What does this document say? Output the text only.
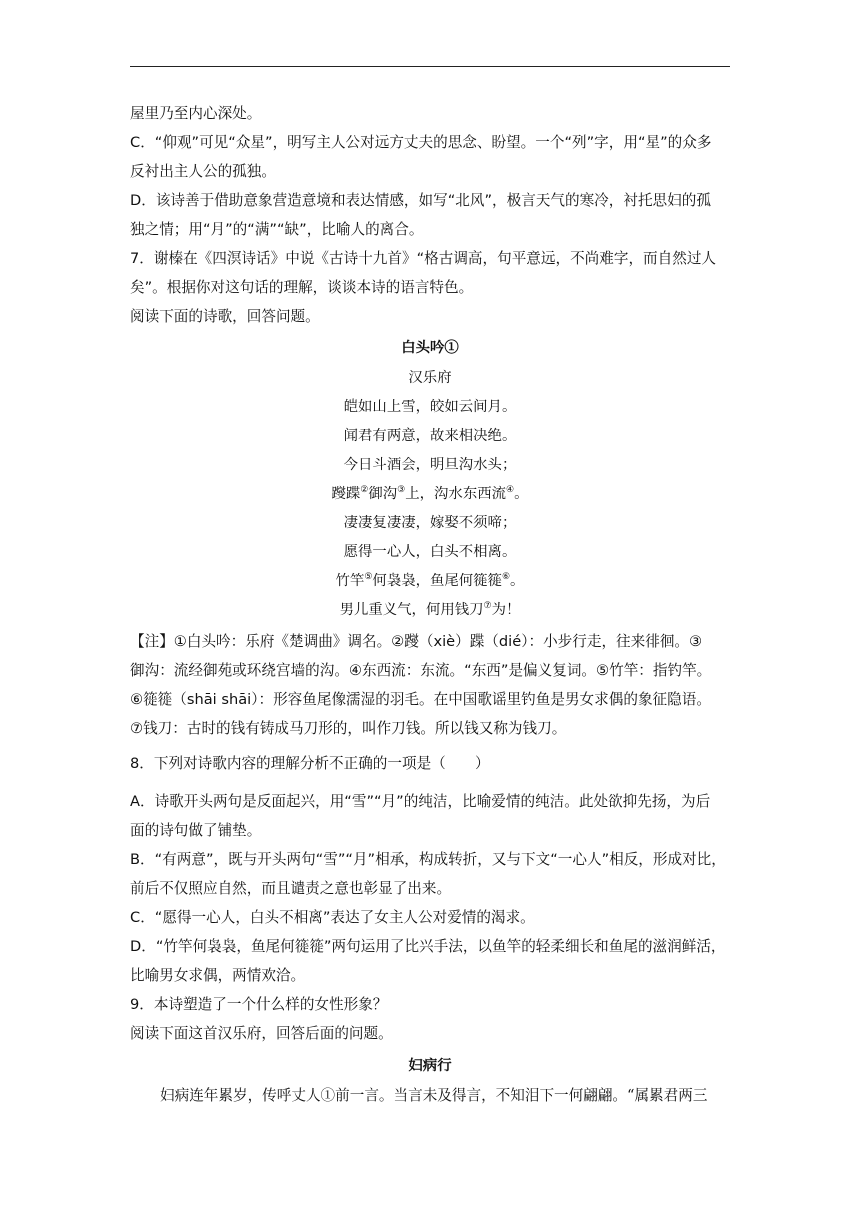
屋里乃至内心深处。
C．“仰观”可见“众星”，明写主人公对远方丈夫的思念、盼望。一个“列”字，用“星”的众多
反衬出主人公的孤独。
D．该诗善于借助意象营造意境和表达情感，如写“北风”，极言天气的寒冷，衬托思妇的孤
独之情；用“月”的“满”“缺”，比喻人的离合。
7．谢榛在《四溟诗话》中说《古诗十九首》“格古调高，句平意远，不尚难字，而自然过人
矣”。根据你对这句话的理解，谈谈本诗的语言特色。
阅读下面的诗歌，回答问题。
白头吟①
汉乐府
皑如山上雪，皎如云间月。
闻君有两意，故来相决绝。
今日斗酒会，明旦沟水头；
躞蹀②御沟③上，沟水东西流④。
凄凄复凄凄，嫁娶不须啼；
愿得一心人，白头不相离。
竹竿⑤何袅袅，鱼尾何簁簁⑥。
男儿重义气，何用钱刀⑦为！
【注】①白头吟：乐府《楚调曲》调名。②躞（xiè）蹀（dié）：小步行走，往来徘徊。③
御沟：流经御苑或环绕宫墙的沟。④东西流：东流。“东西”是偏义复词。⑤竹竿：指钓竿。
⑥簁簁（shāi shāi）：形容鱼尾像濡湿的羽毛。在中国歌谣里钓鱼是男女求偶的象征隐语。
⑦钱刀：古时的钱有铸成马刀形的，叫作刀钱。所以钱又称为钱刀。
8．下列对诗歌内容的理解分析不正确的一项是（　　）
A．诗歌开头两句是反面起兴，用“雪”“月”的纯洁，比喻爱情的纯洁。此处欲抑先扬，为后
面的诗句做了铺垫。
B．“有两意”，既与开头两句“雪”“月”相承，构成转折，又与下文“一心人”相反，形成对比，
前后不仅照应自然，而且谴责之意也彰显了出来。
C．“愿得一心人，白头不相离”表达了女主人公对爱情的渴求。
D．“竹竿何袅袅，鱼尾何簁簁”两句运用了比兴手法，以鱼竿的轻柔细长和鱼尾的滋润鲜活，
比喻男女求偶，两情欢洽。
9．本诗塑造了一个什么样的女性形象？
阅读下面这首汉乐府，回答后面的问题。
妇病行
妇病连年累岁，传呼丈人①前一言。当言未及得言，不知泪下一何翩翩。“属累君两三
